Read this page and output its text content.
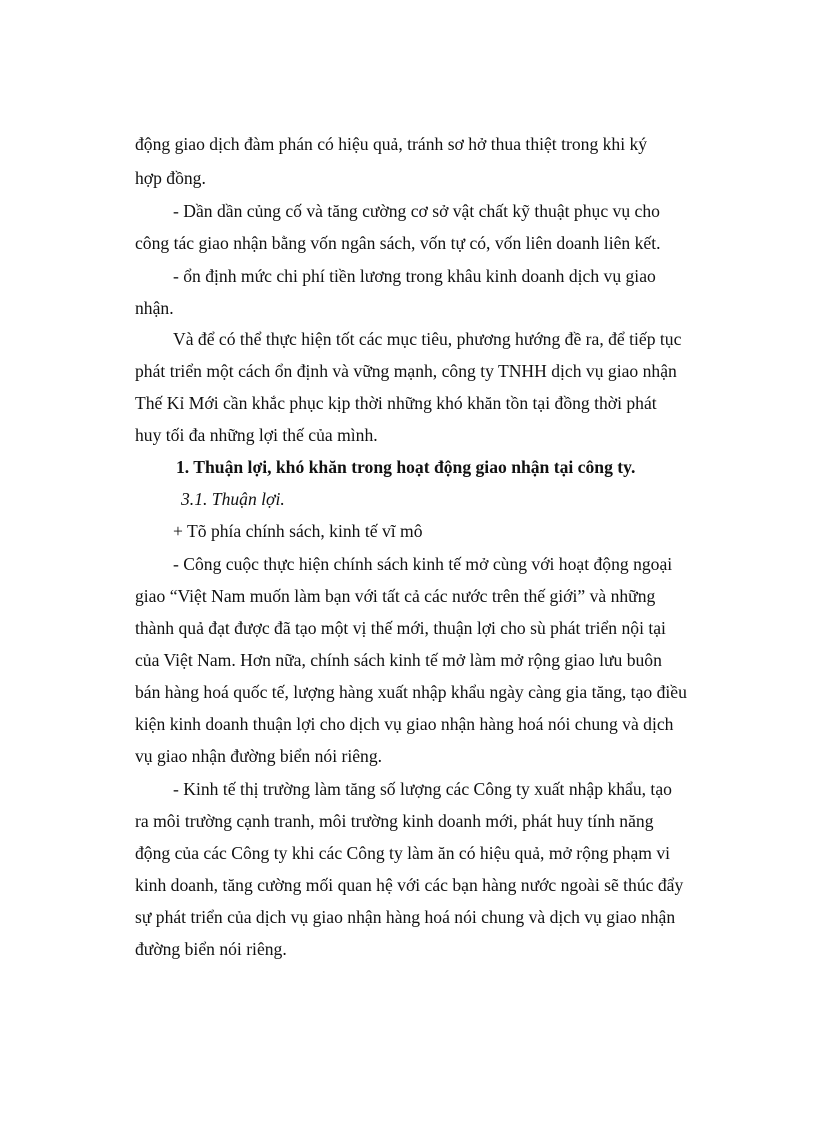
động giao dịch đàm phán có hiệu quả, tránh sơ hở thua thiệt trong khi ký
hợp đồng.
- Dần dần củng cố và tăng cường cơ sở vật chất kỹ thuật phục vụ cho
công tác giao nhận bằng vốn ngân sách, vốn tự có, vốn liên doanh liên kết.
- ổn định mức chi phí tiền lương trong khâu kinh doanh dịch vụ giao
nhận.
Và để có thể thực hiện tốt các mục tiêu, phương hướng đề ra, để tiếp tục
phát triển một cách ổn định và vững mạnh, công ty TNHH dịch vụ giao nhận
Thế Kỉ Mới cần khắc phục kịp thời những khó khăn tồn tại đồng thời phát
huy tối đa những lợi thế của mình.
1. Thuận lợi, khó khăn trong hoạt động giao nhận tại công ty.
3.1. Thuận lợi.
+ Tõ phía chính sách, kinh tế vĩ mô
- Công cuộc thực hiện chính sách kinh tế mở cùng với hoạt động ngoại
giao “Việt Nam muốn làm bạn với tất cả các nước trên thế giới” và những
thành quả đạt được đã tạo một vị thế mới, thuận lợi cho sù phát triển nội tại
của Việt Nam. Hơn nữa, chính sách kinh tế mở làm mở rộng giao lưu buôn
bán hàng hoá quốc tế, lượng hàng xuất nhập khẩu ngày càng gia tăng, tạo điều
kiện kinh doanh thuận lợi cho dịch vụ giao nhận hàng hoá nói chung và dịch
vụ giao nhận đường biển nói riêng.
- Kinh tế thị trường làm tăng số lượng các Công ty xuất nhập khẩu, tạo
ra môi trường cạnh tranh, môi trường kinh doanh mới, phát huy tính năng
động của các Công ty khi các Công ty làm ăn có hiệu quả, mở rộng phạm vi
kinh doanh, tăng cường mối quan hệ với các bạn hàng nước ngoài sẽ thúc đẩy
sự phát triển của dịch vụ giao nhận hàng hoá nói chung và dịch vụ giao nhận
đường biển nói riêng.
